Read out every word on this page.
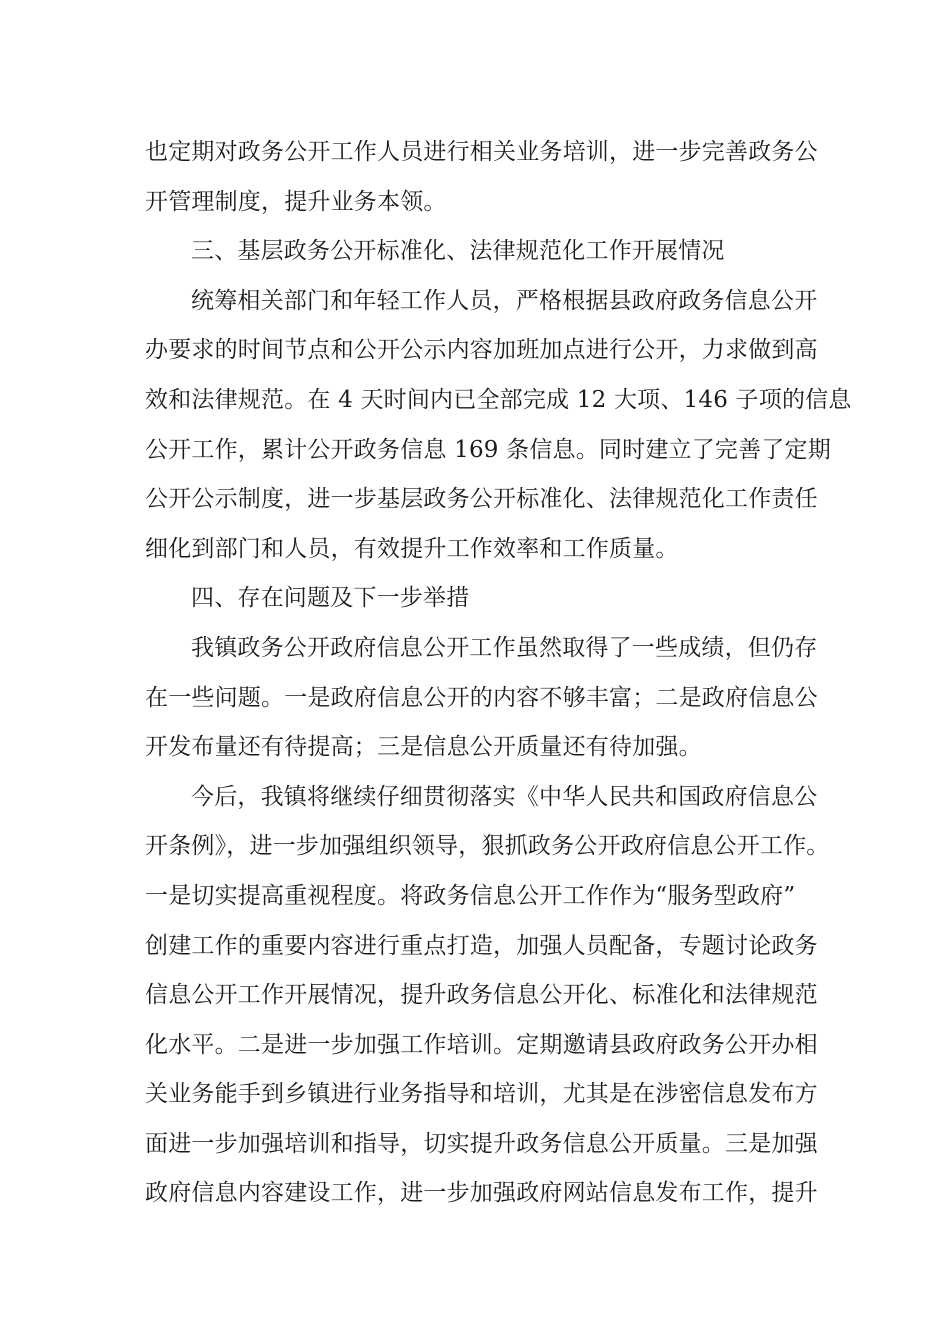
也定期对政务公开工作人员进行相关业务培训，进一步完善政务公
开管理制度，提升业务本领。
三、基层政务公开标准化、法律规范化工作开展情况
统筹相关部门和年轻工作人员，严格根据县政府政务信息公开
办要求的时间节点和公开公示内容加班加点进行公开，力求做到高
效和法律规范。在 4 天时间内已全部完成 12 大项、146 子项的信息
公开工作，累计公开政务信息 169 条信息。同时建立了完善了定期
公开公示制度，进一步基层政务公开标准化、法律规范化工作责任
细化到部门和人员，有效提升工作效率和工作质量。
四、存在问题及下一步举措
我镇政务公开政府信息公开工作虽然取得了一些成绩，但仍存
在一些问题。一是政府信息公开的内容不够丰富；二是政府信息公
开发布量还有待提高；三是信息公开质量还有待加强。
今后，我镇将继续仔细贯彻落实《中华人民共和国政府信息公
开条例》，进一步加强组织领导，狠抓政务公开政府信息公开工作。
一是切实提高重视程度。将政务信息公开工作作为“服务型政府”
创建工作的重要内容进行重点打造，加强人员配备，专题讨论政务
信息公开工作开展情况，提升政务信息公开化、标准化和法律规范
化水平。二是进一步加强工作培训。定期邀请县政府政务公开办相
关业务能手到乡镇进行业务指导和培训，尤其是在涉密信息发布方
面进一步加强培训和指导，切实提升政务信息公开质量。三是加强
政府信息内容建设工作，进一步加强政府网站信息发布工作，提升
